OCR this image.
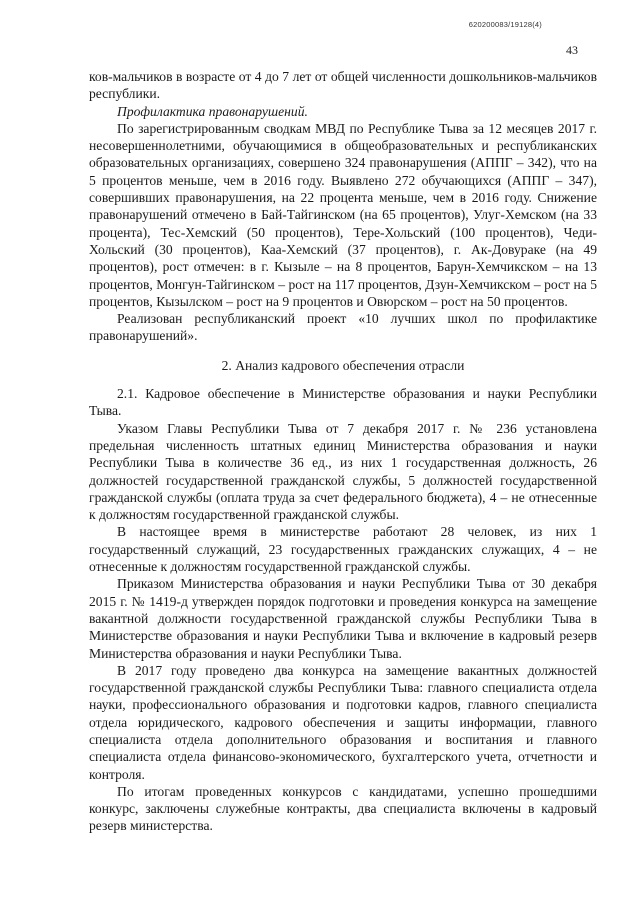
620200083/19128(4)
43

ков-мальчиков в возрасте от 4 до 7 лет от общей численности дошкольников-мальчиков республики.

Профилактика правонарушений.

По зарегистрированным сводкам МВД по Республике Тыва за 12 месяцев 2017 г. несовершеннолетними, обучающимися в общеобразовательных и республиканских образовательных организациях, совершено 324 правонарушения (АППГ – 342), что на 5 процентов меньше, чем в 2016 году. Выявлено 272 обучающихся (АППГ – 347), совершивших правонарушения, на 22 процента меньше, чем в 2016 году. Снижение правонарушений отмечено в Бай-Тайгинском (на 65 процентов), Улуг-Хемском (на 33 процента), Тес-Хемский (50 процентов), Тере-Хольский (100 процентов), Чеди-Хольский (30 процентов), Каа-Хемский (37 процентов), г. Ак-Довураке (на 49 процентов), рост отмечен: в г. Кызыле – на 8 процентов, Барун-Хемчикском – на 13 процентов, Монгун-Тайгинском – рост на 117 процентов, Дзун-Хемчикском – рост на 5 процентов, Кызылском – рост на 9 процентов и Овюрском – рост на 50 процентов.

Реализован республиканский проект «10 лучших школ по профилактике правонарушений».

2. Анализ кадрового обеспечения отрасли

2.1. Кадровое обеспечение в Министерстве образования и науки Республики Тыва.

Указом Главы Республики Тыва от 7 декабря 2017 г. № 236 установлена предельная численность штатных единиц Министерства образования и науки Республики Тыва в количестве 36 ед., из них 1 государственная должность, 26 должностей государственной гражданской службы, 5 должностей государственной гражданской службы (оплата труда за счет федерального бюджета), 4 – не отнесенные к должностям государственной гражданской службы.

В настоящее время в министерстве работают 28 человек, из них 1 государственный служащий, 23 государственных гражданских служащих, 4 – не отнесенные к должностям государственной гражданской службы.

Приказом Министерства образования и науки Республики Тыва от 30 декабря 2015 г. № 1419-д утвержден порядок подготовки и проведения конкурса на замещение вакантной должности государственной гражданской службы Республики Тыва в Министерстве образования и науки Республики Тыва и включение в кадровый резерв Министерства образования и науки Республики Тыва.

В 2017 году проведено два конкурса на замещение вакантных должностей государственной гражданской службы Республики Тыва: главного специалиста отдела науки, профессионального образования и подготовки кадров, главного специалиста отдела юридического, кадрового обеспечения и защиты информации, главного специалиста отдела дополнительного образования и воспитания и главного специалиста отдела финансово-экономического, бухгалтерского учета, отчетности и контроля.

По итогам проведенных конкурсов с кандидатами, успешно прошедшими конкурс, заключены служебные контракты, два специалиста включены в кадровый резерв министерства.
